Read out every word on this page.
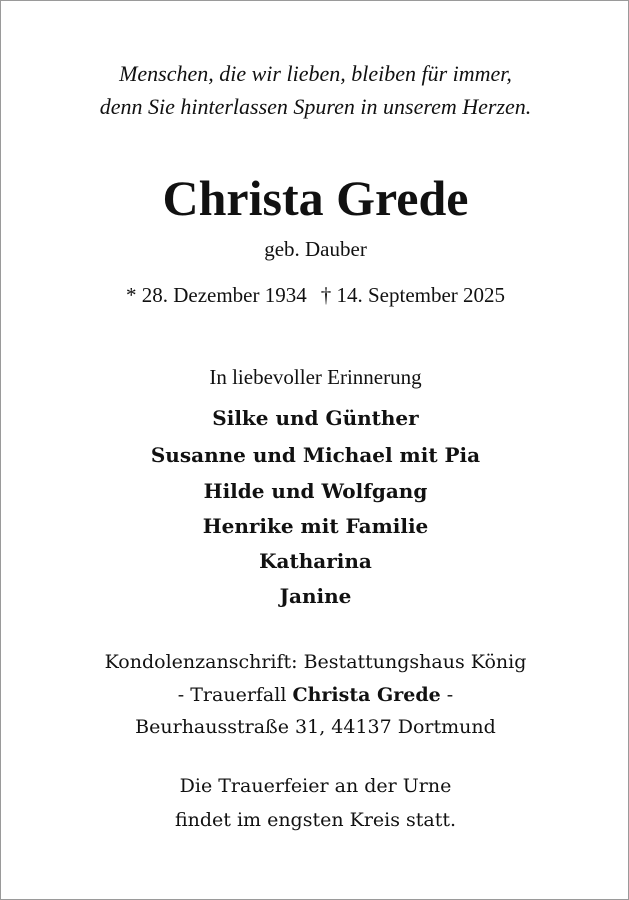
Menschen, die wir lieben, bleiben für immer,
denn Sie hinterlassen Spuren in unserem Herzen.
Christa Grede
geb. Dauber
* 28. Dezember 1934 † 14. September 2025
In liebevoller Erinnerung
Silke und Günther
Susanne und Michael mit Pia
Hilde und Wolfgang
Henrike mit Familie
Katharina
Janine
Kondolenzanschrift: Bestattungshaus König
- Trauerfall Christa Grede -
Beurhausstraße 31, 44137 Dortmund
Die Trauerfeier an der Urne
findet im engsten Kreis statt.
